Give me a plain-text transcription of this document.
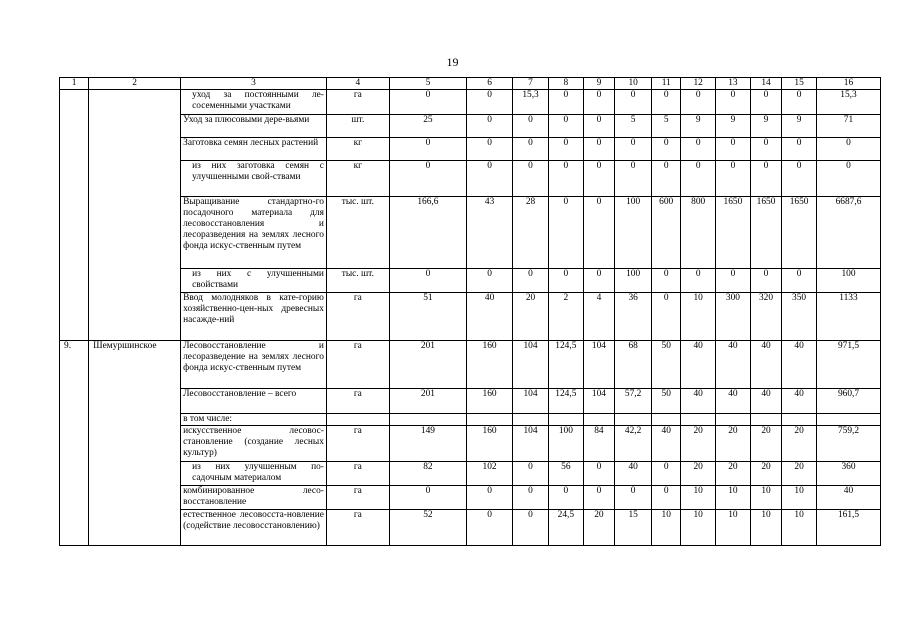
19
1	2	3	4	5	6	7	8	9	10	11	12	13	14	15	16
		уход за постоянными ле-сосеменными участками	га	0	0	15,3	0	0	0	0	0	0	0	0	15,3
		Уход за плюсовыми дере-вьями	шт.	25	0	0	0	0	5	5	9	9	9	9	71
		Заготовка семян лесных растений	кг	0	0	0	0	0	0	0	0	0	0	0	0
		из них заготовка семян с улучшенными свой-ствами	кг	0	0	0	0	0	0	0	0	0	0	0	0
		Выращивание стандартно-го посадочного материала для лесовосстановления и лесоразведения на землях лесного фонда искус-ственным путем	тыс. шт.	166,6	43	28	0	0	100	600	800	1650	1650	1650	6687,6
		из них с улучшенными свойствами	тыс. шт.	0	0	0	0	0	100	0	0	0	0	0	100
		Ввод молодняков в кате-горию хозяйственно-цен-ных древесных насажде-ний	га	51	40	20	2	4	36	0	10	300	320	350	1133
9.	Шемуршинское	Лесовосстановление и лесоразведение на землях лесного фонда искус-ственным путем	га	201	160	104	124,5	104	68	50	40	40	40	40	971,5
		Лесовосстановление – всего	га	201	160	104	124,5	104	57,2	50	40	40	40	40	960,7
		в том числе:													
		искусственное лесовос-становление (создание лесных культур)	га	149	160	104	100	84	42,2	40	20	20	20	20	759,2
		из них улучшенным по-садочным материалом	га	82	102	0	56	0	40	0	20	20	20	20	360
		комбинированное лесо-восстановление	га	0	0	0	0	0	0	0	10	10	10	10	40
		естественное лесовосста-новление (содействие лесовосстановлению)	га	52	0	0	24,5	20	15	10	10	10	10	10	161,5
